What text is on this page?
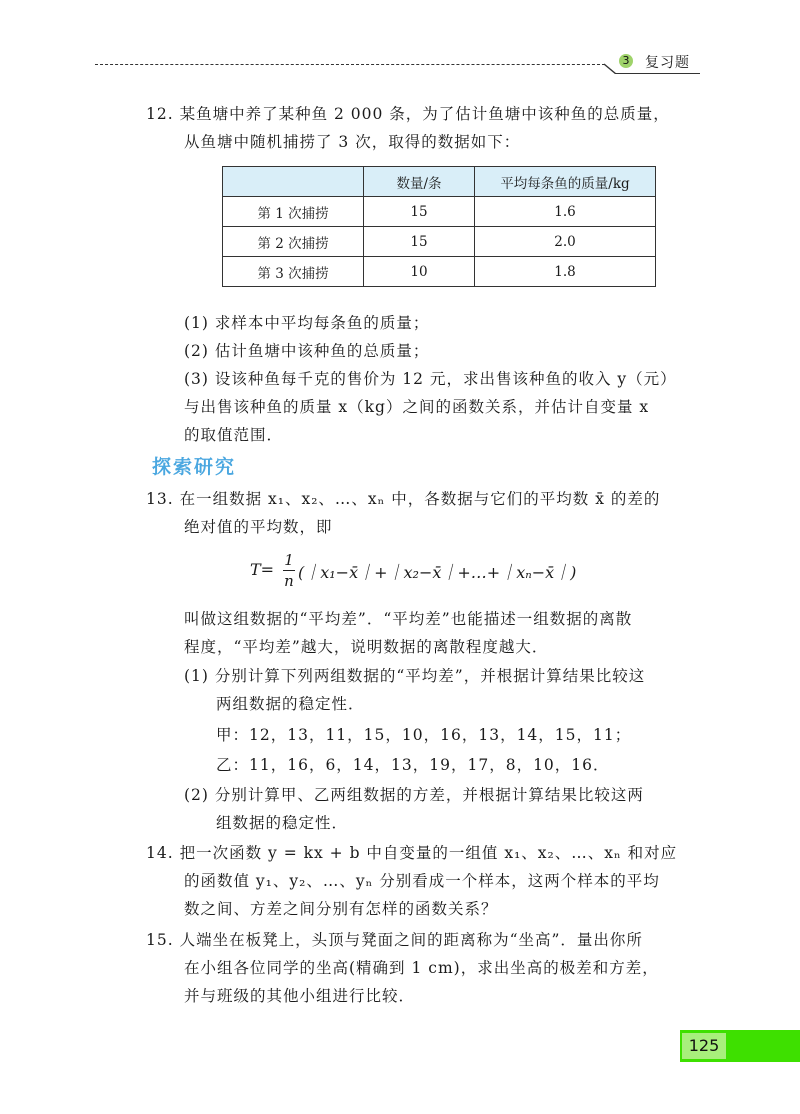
3 复习题
12. 某鱼塘中养了某种鱼 2 000 条，为了估计鱼塘中该种鱼的总质量，
从鱼塘中随机捕捞了 3 次，取得的数据如下：
	数量/条	平均每条鱼的质量/kg
第 1 次捕捞	15	1.6
第 2 次捕捞	15	2.0
第 3 次捕捞	10	1.8
(1) 求样本中平均每条鱼的质量；
(2) 估计鱼塘中该种鱼的总质量；
(3) 设该种鱼每千克的售价为 12 元，求出售该种鱼的收入 y（元）
与出售该种鱼的质量 x（kg）之间的函数关系，并估计自变量 x
的取值范围．
探索研究
13. 在一组数据 x₁、x₂、…、xₙ 中，各数据与它们的平均数 x̄ 的差的
绝对值的平均数，即
T= 1
n (｜x₁−x̄｜+｜x₂−x̄｜+…+｜xₙ−x̄｜)
叫做这组数据的“平均差”．“平均差”也能描述一组数据的离散
程度，“平均差”越大，说明数据的离散程度越大．
(1) 分别计算下列两组数据的“平均差”，并根据计算结果比较这
两组数据的稳定性．
甲：12，13，11，15，10，16，13，14，15，11；
乙：11，16，6，14，13，19，17，8，10，16．
(2) 分别计算甲、乙两组数据的方差，并根据计算结果比较这两
组数据的稳定性．
14. 把一次函数 y = kx + b 中自变量的一组值 x₁、x₂、…、xₙ 和对应
的函数值 y₁、y₂、…、yₙ 分别看成一个样本，这两个样本的平均
数之间、方差之间分别有怎样的函数关系？
15. 人端坐在板凳上，头顶与凳面之间的距离称为“坐高”．量出你所
在小组各位同学的坐高(精确到 1 cm)，求出坐高的极差和方差，
并与班级的其他小组进行比较．
125
